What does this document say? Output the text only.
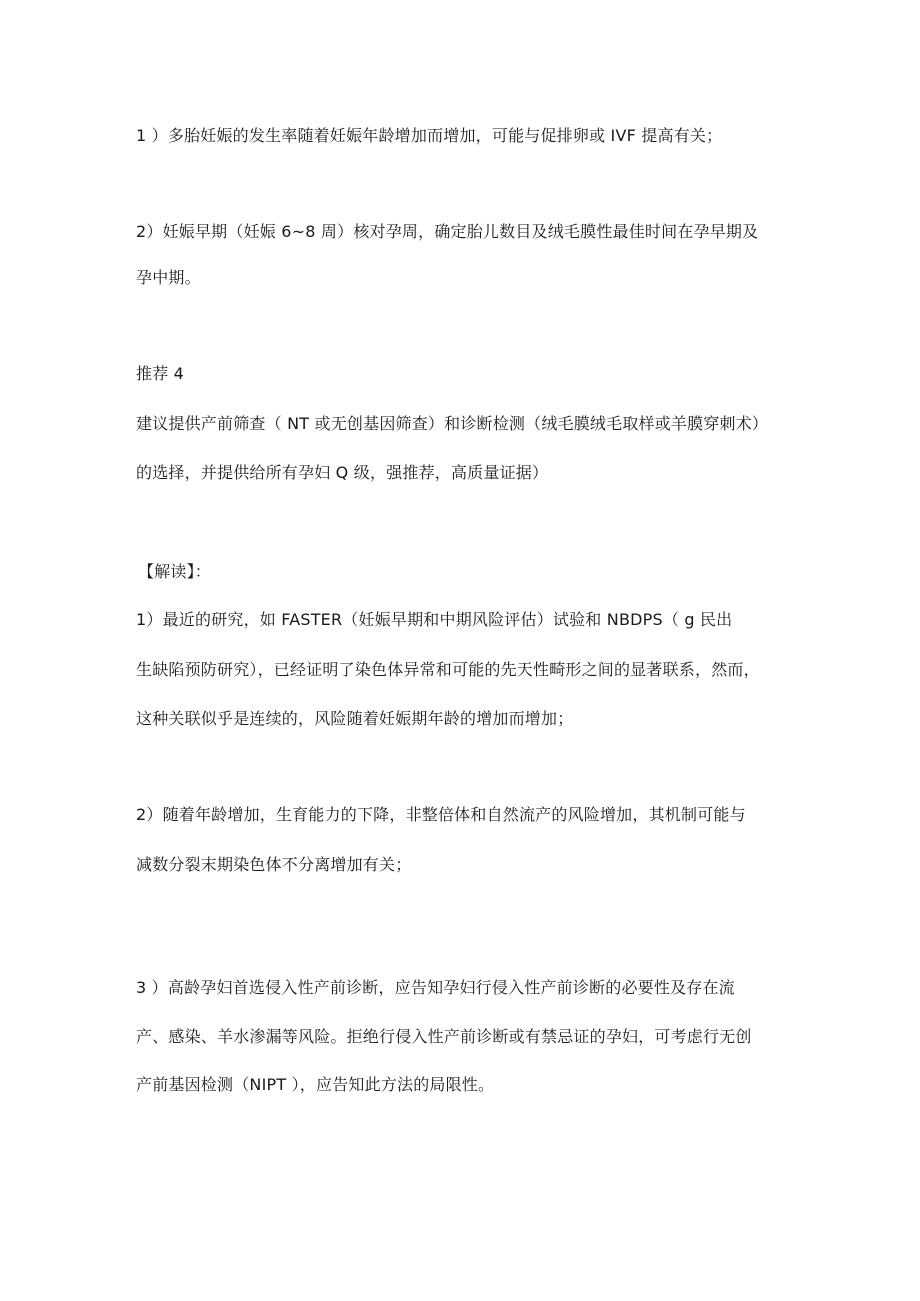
1 ）多胎妊娠的发生率随着妊娠年龄增加而增加，可能与促排卵或 IVF 提高有关；
2）妊娠早期（妊娠 6~8 周）核对孕周，确定胎儿数目及绒毛膜性最佳时间在孕早期及
孕中期。
推荐 4
建议提供产前筛查（ NT 或无创基因筛查）和诊断检测（绒毛膜绒毛取样或羊膜穿刺术）
的选择，并提供给所有孕妇 Q 级，强推荐，高质量证据）
【解读】：
1）最近的研究，如 FASTER（妊娠早期和中期风险评估）试验和 NBDPS（ g 民出
生缺陷预防研究），已经证明了染色体异常和可能的先天性畸形之间的显著联系，然而，
这种关联似乎是连续的，风险随着妊娠期年龄的增加而增加；
2）随着年龄增加，生育能力的下降，非整倍体和自然流产的风险增加，其机制可能与
减数分裂末期染色体不分离增加有关；
3 ）高龄孕妇首选侵入性产前诊断，应告知孕妇行侵入性产前诊断的必要性及存在流
产、感染、羊水渗漏等风险。拒绝行侵入性产前诊断或有禁忌证的孕妇，可考虑行无创
产前基因检测（NIPT ），应告知此方法的局限性。
